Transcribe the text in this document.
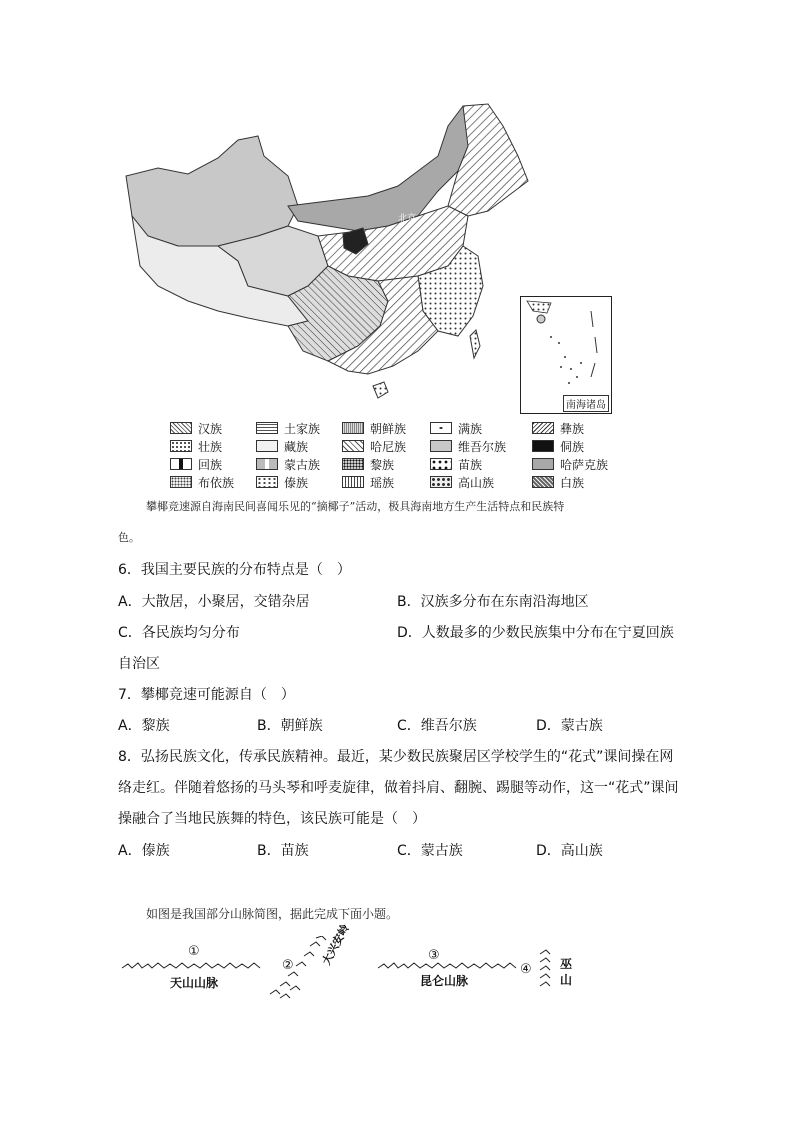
北京
南海诸岛
汉族	土家族	朝鲜族	满族	彝族
壮族	藏族	哈尼族	维吾尔族	侗族
回族	蒙古族	黎族	苗族	哈萨克族
布依族	傣族	瑶族	高山族	白族
攀椰竞速源自海南民间喜闻乐见的“摘椰子”活动，极具海南地方生产生活特点和民族特
色。
6．我国主要民族的分布特点是（　）
A．大散居，小聚居，交错杂居	B．汉族多分布在东南沿海地区
C．各民族均匀分布	D．人数最多的少数民族集中分布在宁夏回族
自治区
7．攀椰竞速可能源自（　）
A．黎族	B．朝鲜族	C．维吾尔族	D．蒙古族
8．弘扬民族文化，传承民族精神。最近，某少数民族聚居区学校学生的“花式”课间操在网
络走红。伴随着悠扬的马头琴和呼麦旋律，做着抖肩、翻腕、踢腿等动作，这一“花式”课间
操融合了当地民族舞的特色，该民族可能是（　）
A．傣族	B．苗族	C．蒙古族	D．高山族
如图是我国部分山脉简图，据此完成下面小题。
①
②
③
④
天山山脉
大兴安岭
昆仑山脉
巫山
